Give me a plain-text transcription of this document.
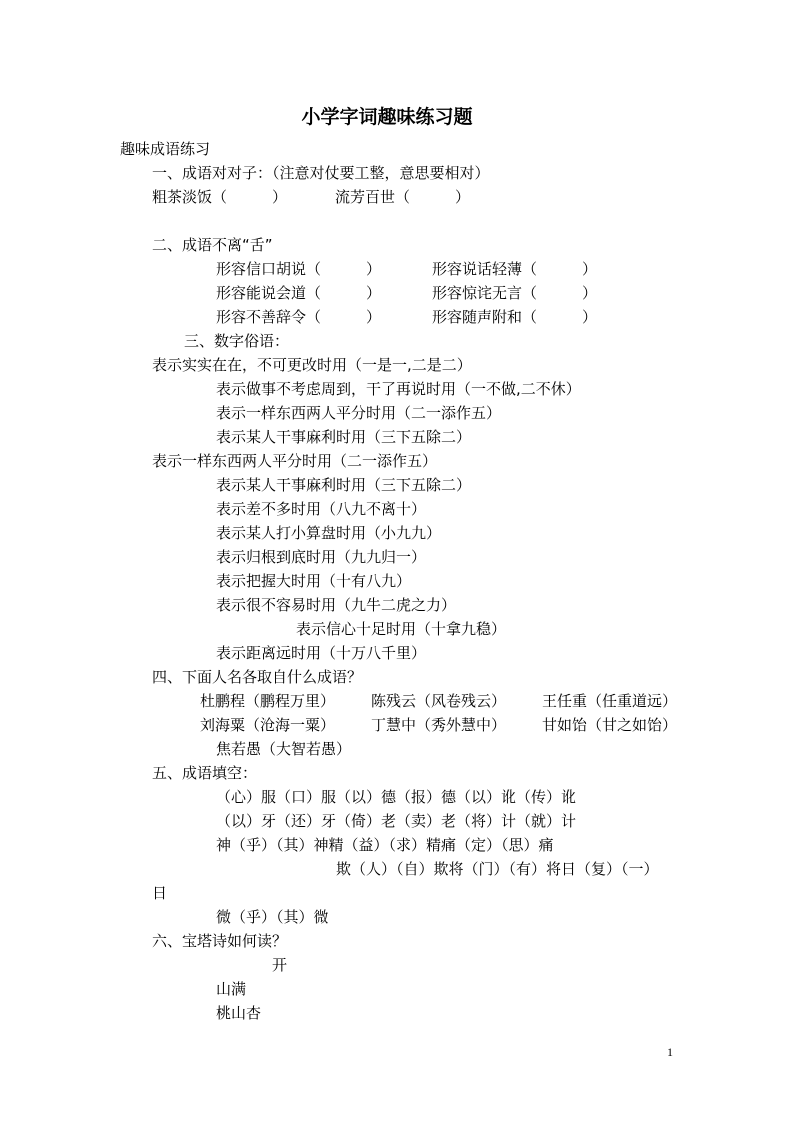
小学字词趣味练习题
趣味成语练习
一、成语对对子：（注意对仗要工整，意思要相对）
粗茶淡饭（　　　）	流芳百世（　　　）
二、成语不离“舌”
形容信口胡说（　　　）	形容说话轻薄（　　　）
形容能说会道（　　　）	形容惊诧无言（　　　）
形容不善辞令（　　　）	形容随声附和（　　　）
三、数字俗语：
表示实实在在，不可更改时用（一是一,二是二）
表示做事不考虑周到，干了再说时用（一不做,二不休）
表示一样东西两人平分时用（二一添作五）
表示某人干事麻利时用（三下五除二）
表示一样东西两人平分时用（二一添作五）
表示某人干事麻利时用（三下五除二）
表示差不多时用（八九不离十）
表示某人打小算盘时用（小九九）
表示归根到底时用（九九归一）
表示把握大时用（十有八九）
表示很不容易时用（九牛二虎之力）
表示信心十足时用（十拿九稳）
表示距离远时用（十万八千里）
四、下面人名各取自什么成语？
杜鹏程（鹏程万里） 陈残云（风卷残云） 王任重（任重道远）
刘海粟（沧海一粟） 丁慧中（秀外慧中） 甘如饴（甘之如饴）
焦若愚（大智若愚）
五、成语填空：
（心）服（口）服（以）德（报）德（以）讹（传）讹
（以）牙（还）牙（倚）老（卖）老（将）计（就）计
神（乎）（其）神精（益）（求）精痛（定）（思）痛
欺（人）（自）欺将（门）（有）将日（复）（一）
日
微（乎）（其）微
六、宝塔诗如何读？
开
山满
桃山杏
1
